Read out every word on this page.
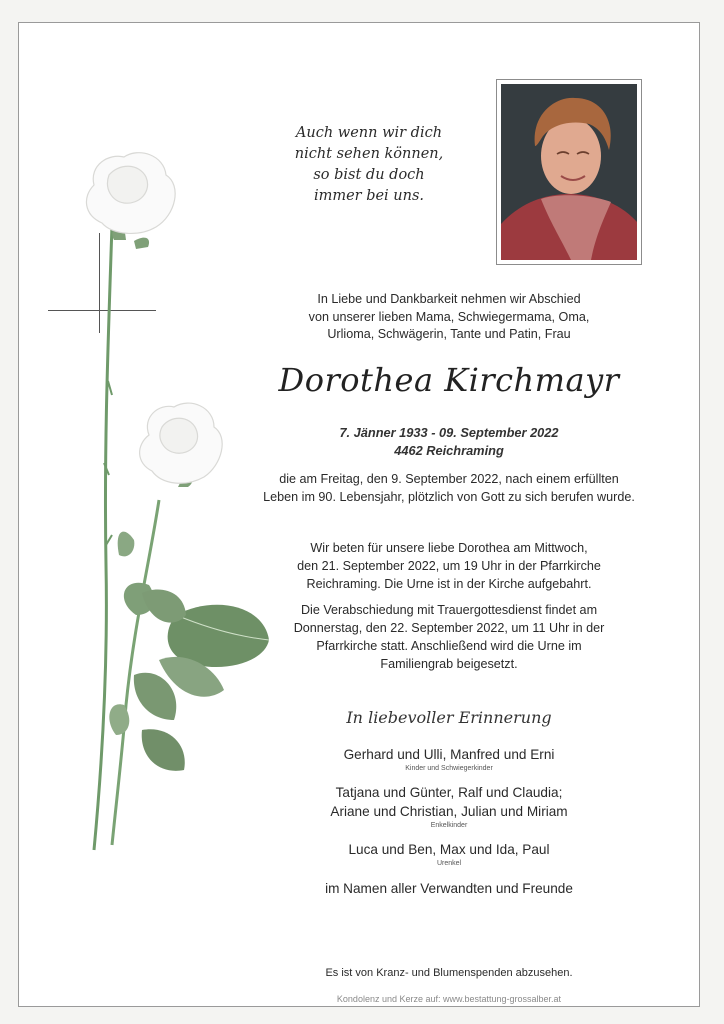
Auch wenn wir dich
nicht sehen können,
so bist du doch
immer bei uns.
In Liebe und Dankbarkeit nehmen wir Abschied
von unserer lieben Mama, Schwiegermama, Oma,
Urlioma, Schwägerin, Tante und Patin, Frau
Dorothea Kirchmayr
7. Jänner 1933 - 09. September 2022
4462 Reichraming
die am Freitag, den 9. September 2022, nach einem erfüllten
Leben im 90. Lebensjahr, plötzlich von Gott zu sich berufen wurde.
Wir beten für unsere liebe Dorothea am Mittwoch,
den 21. September 2022, um 19 Uhr in der Pfarrkirche
Reichraming. Die Urne ist in der Kirche aufgebahrt.
Die Verabschiedung mit Trauergottesdienst findet am
Donnerstag, den 22. September 2022, um 11 Uhr in der
Pfarrkirche statt. Anschließend wird die Urne im
Familiengrab beigesetzt.
In liebevoller Erinnerung
Gerhard und Ulli, Manfred und Erni
Kinder und Schwiegerkinder
Tatjana und Günter, Ralf und Claudia;
Ariane und Christian, Julian und Miriam
Enkelkinder
Luca und Ben, Max und Ida, Paul
Urenkel
im Namen aller Verwandten und Freunde
Es ist von Kranz- und Blumenspenden abzusehen.
Kondolenz und Kerze auf: www.bestattung-grossalber.at
